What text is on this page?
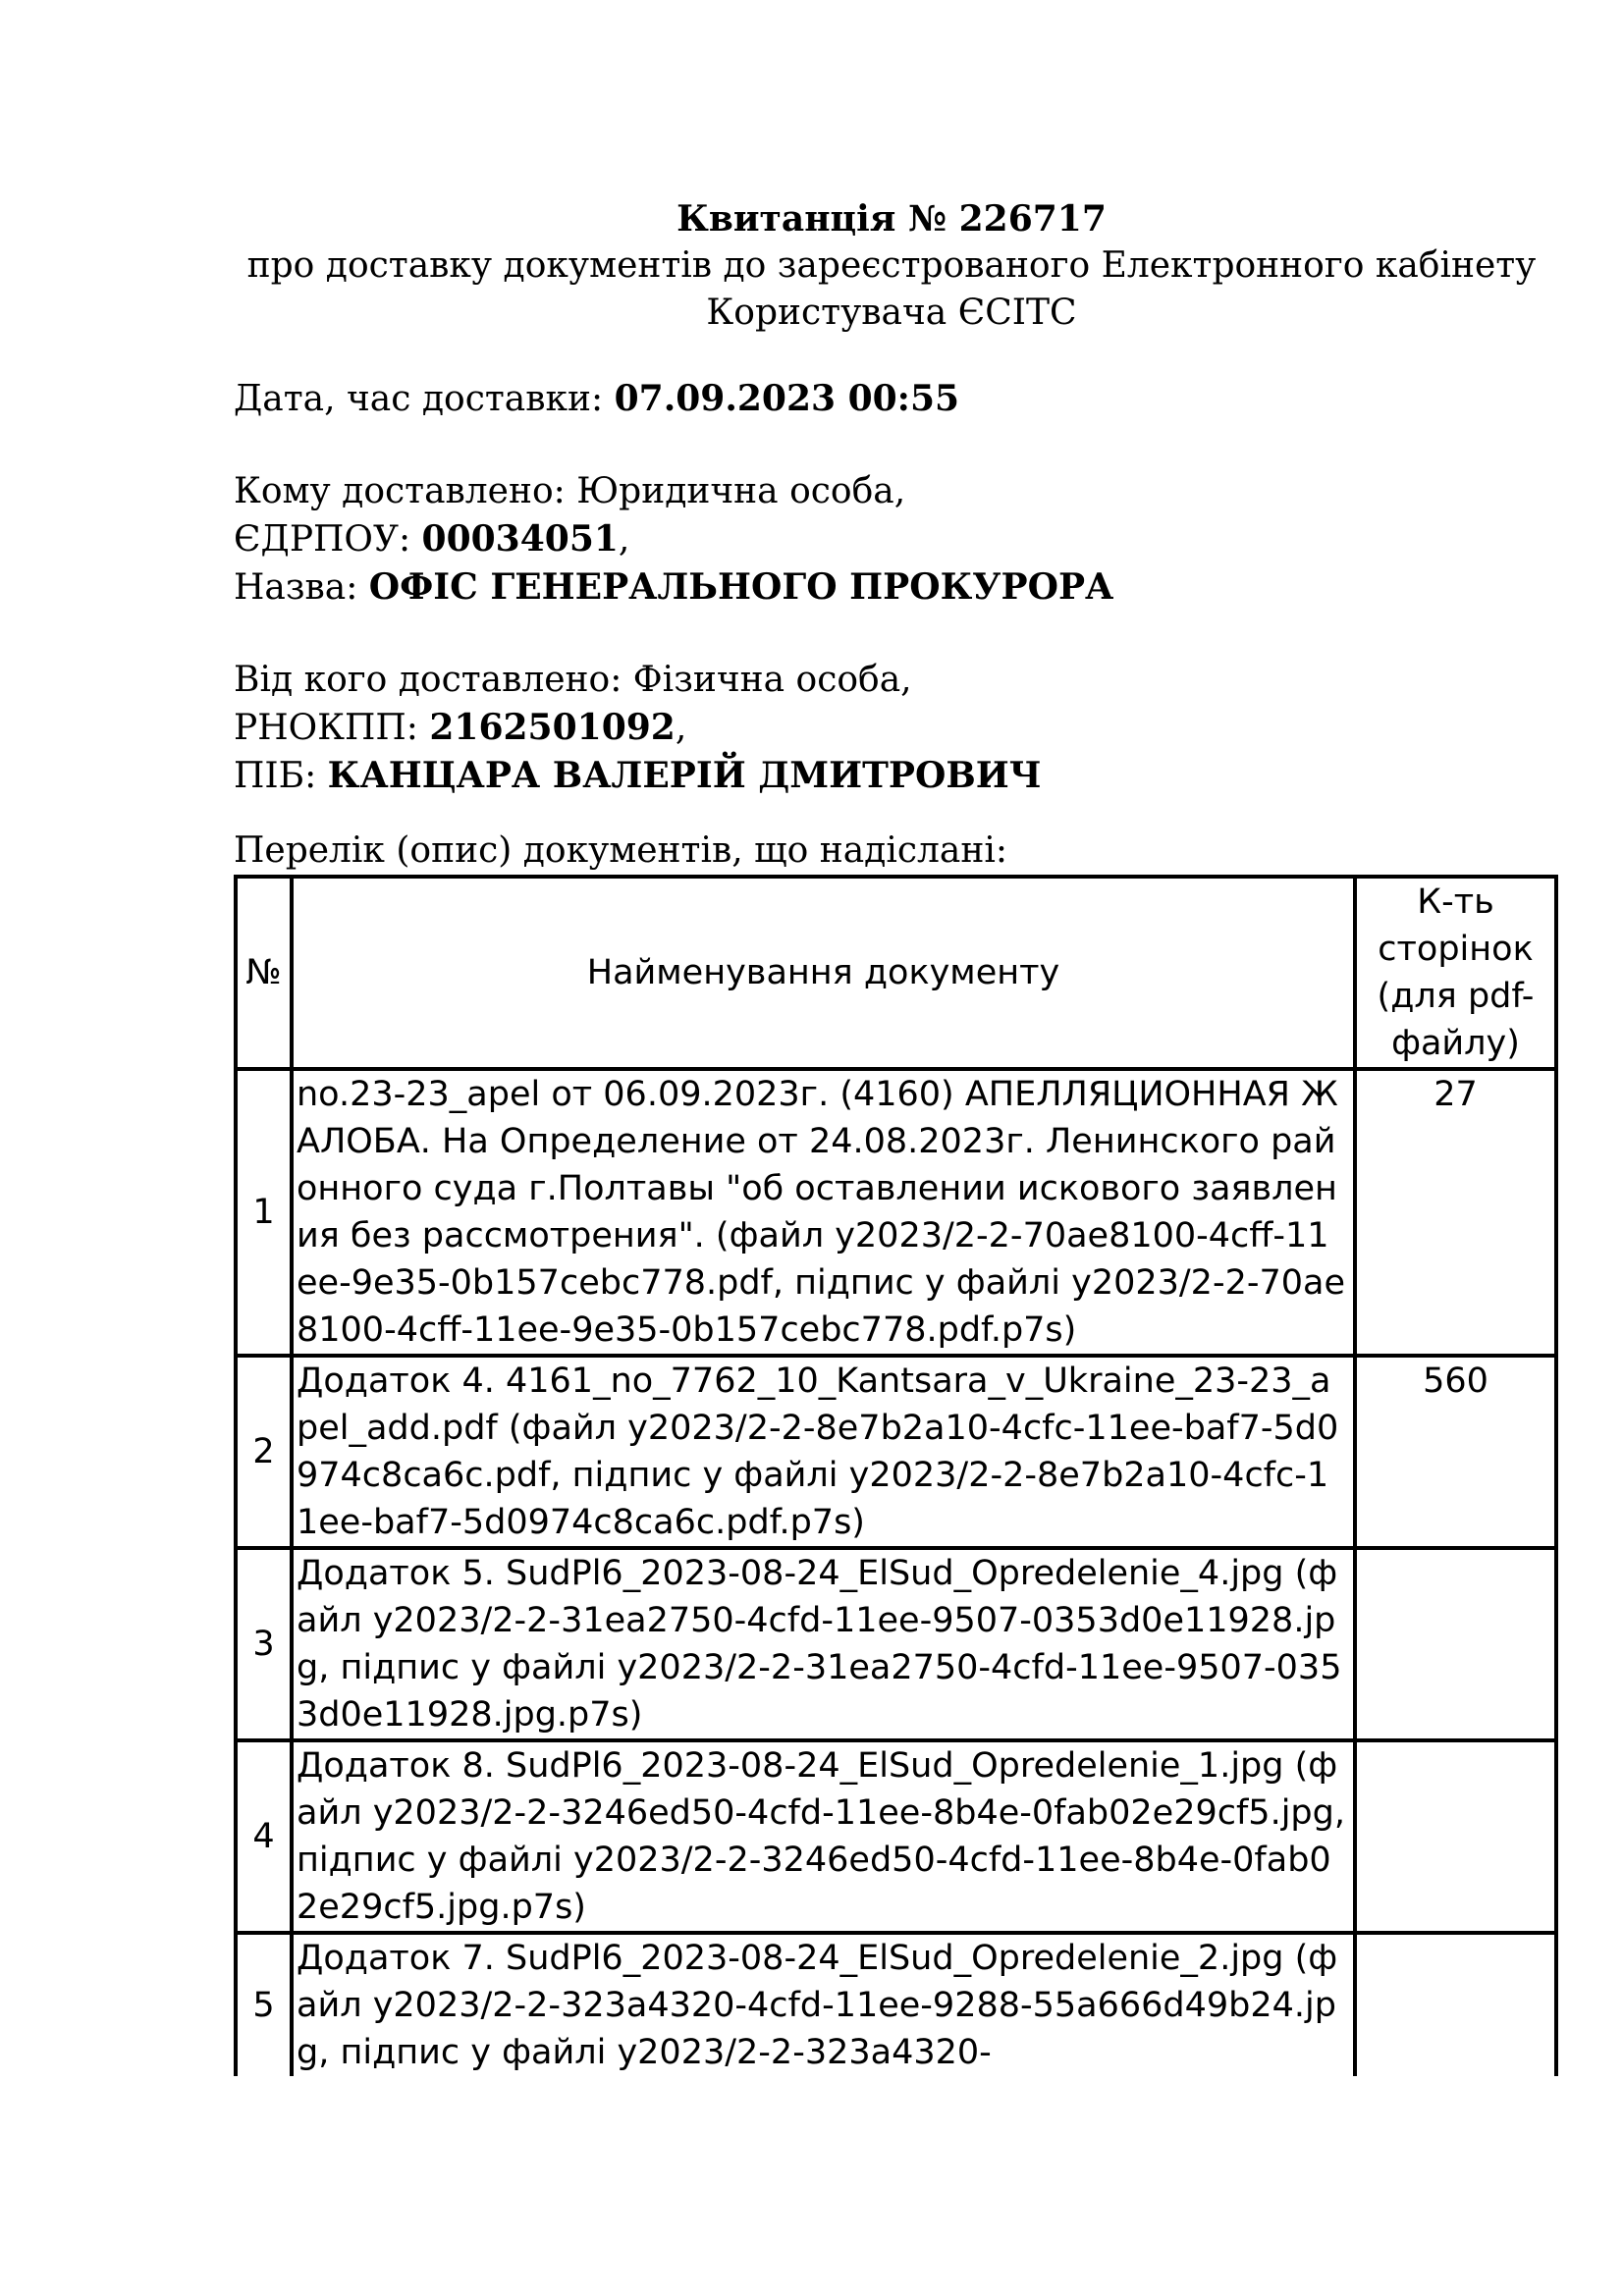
Квитанція № 226717
про доставку документів до зареєстрованого Електронного кабінету
Користувача ЄСІТС
Дата, час доставки: 07.09.2023 00:55
Кому доставлено: Юридична особа,
ЄДРПОУ: 00034051,
Назва: ОФІС ГЕНЕРАЛЬНОГО ПРОКУРОРА
Від кого доставлено: Фізична особа,
РНОКПП: 2162501092,
ПІБ: КАНЦАРА ВАЛЕРІЙ ДМИТРОВИЧ
Перелік (опис) документів, що надіслані:
№	Найменування документу	К-ть сторінок (для pdf-файлу)
1	no.23-23_apel от 06.09.2023г. (4160) АПЕЛЛЯЦИОННАЯ ЖАЛОБА. На Определение от 24.08.2023г. Ленинского районного суда г.Полтавы "об оставлении искового заявления без рассмотрения". (файл y2023/2-2-70ae8100-4cff-11ee-9e35-0b157cebc778.pdf, підпис у файлі y2023/2-2-70ae8100-4cff-11ee-9e35-0b157cebc778.pdf.p7s)	27
2	Додаток 4. 4161_no_7762_10_Kantsara_v_Ukraine_23-23_apel_add.pdf (файл y2023/2-2-8e7b2a10-4cfc-11ee-baf7-5d0974c8ca6c.pdf, підпис у файлі y2023/2-2-8e7b2a10-4cfc-11ee-baf7-5d0974c8ca6c.pdf.p7s)	560
3	Додаток 5. SudPl6_2023-08-24_ElSud_Opredelenie_4.jpg (файл y2023/2-2-31ea2750-4cfd-11ee-9507-0353d0e11928.jpg, підпис у файлі y2023/2-2-31ea2750-4cfd-11ee-9507-0353d0e11928.jpg.p7s)	
4	Додаток 8. SudPl6_2023-08-24_ElSud_Opredelenie_1.jpg (файл y2023/2-2-3246ed50-4cfd-11ee-8b4e-0fab02e29cf5.jpg, підпис у файлі y2023/2-2-3246ed50-4cfd-11ee-8b4e-0fab02e29cf5.jpg.p7s)	
5	Додаток 7. SudPl6_2023-08-24_ElSud_Opredelenie_2.jpg (файл y2023/2-2-323a4320-4cfd-11ee-9288-55a666d49b24.jpg, підпис у файлі y2023/2-2-323a4320-	
